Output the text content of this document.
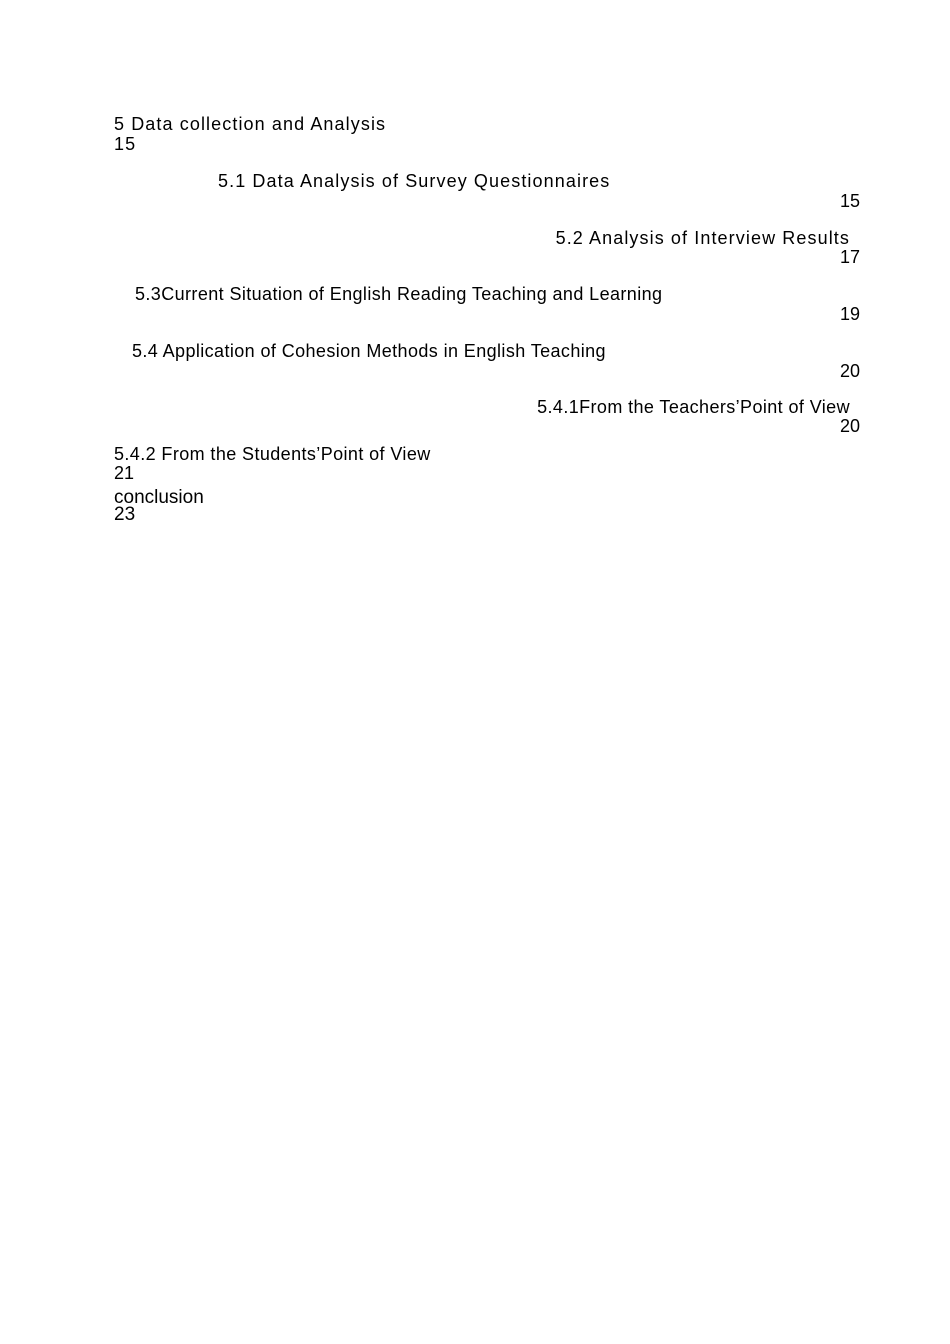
5 Data collection and Analysis
15
5.1 Data Analysis of Survey Questionnaires
15
5.2 Analysis of Interview Results
17
5.3Current Situation of English Reading Teaching and Learning
19
5.4 Application of Cohesion Methods in English Teaching
20
5.4.1From the Teachers’Point of View
20
5.4.2 From the Students’Point of View
21
conclusion
23
